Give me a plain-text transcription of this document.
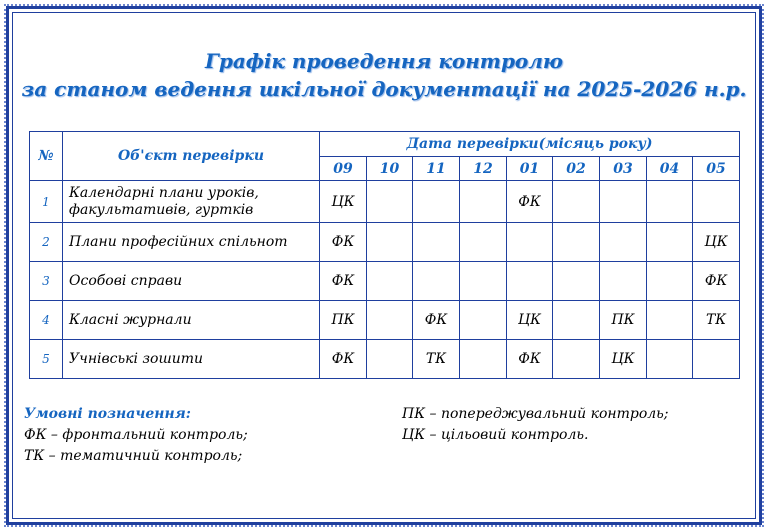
Графік проведення контролю
за станом ведення шкільної документації на 2025-2026 н.р.
№	Об'єкт перевірки	Дата перевірки(місяць року)								
		09	10	11	12	01	02	03	04	05
1	Календарні плани уроків, факультативів, гуртків	ЦК				ФК				
2	Плани професійних спільнот	ФК								ЦК
3	Особові справи	ФК								ФК
4	Класні журнали	ПК		ФК		ЦК		ПК		ТК
5	Учнівські зошити	ФК		ТК		ФК		ЦК		
Умовні позначення:
ФК – фронтальний контроль;
ТК – тематичний контроль;
ПК – попереджувальний контроль;
ЦК – цільовий контроль.
